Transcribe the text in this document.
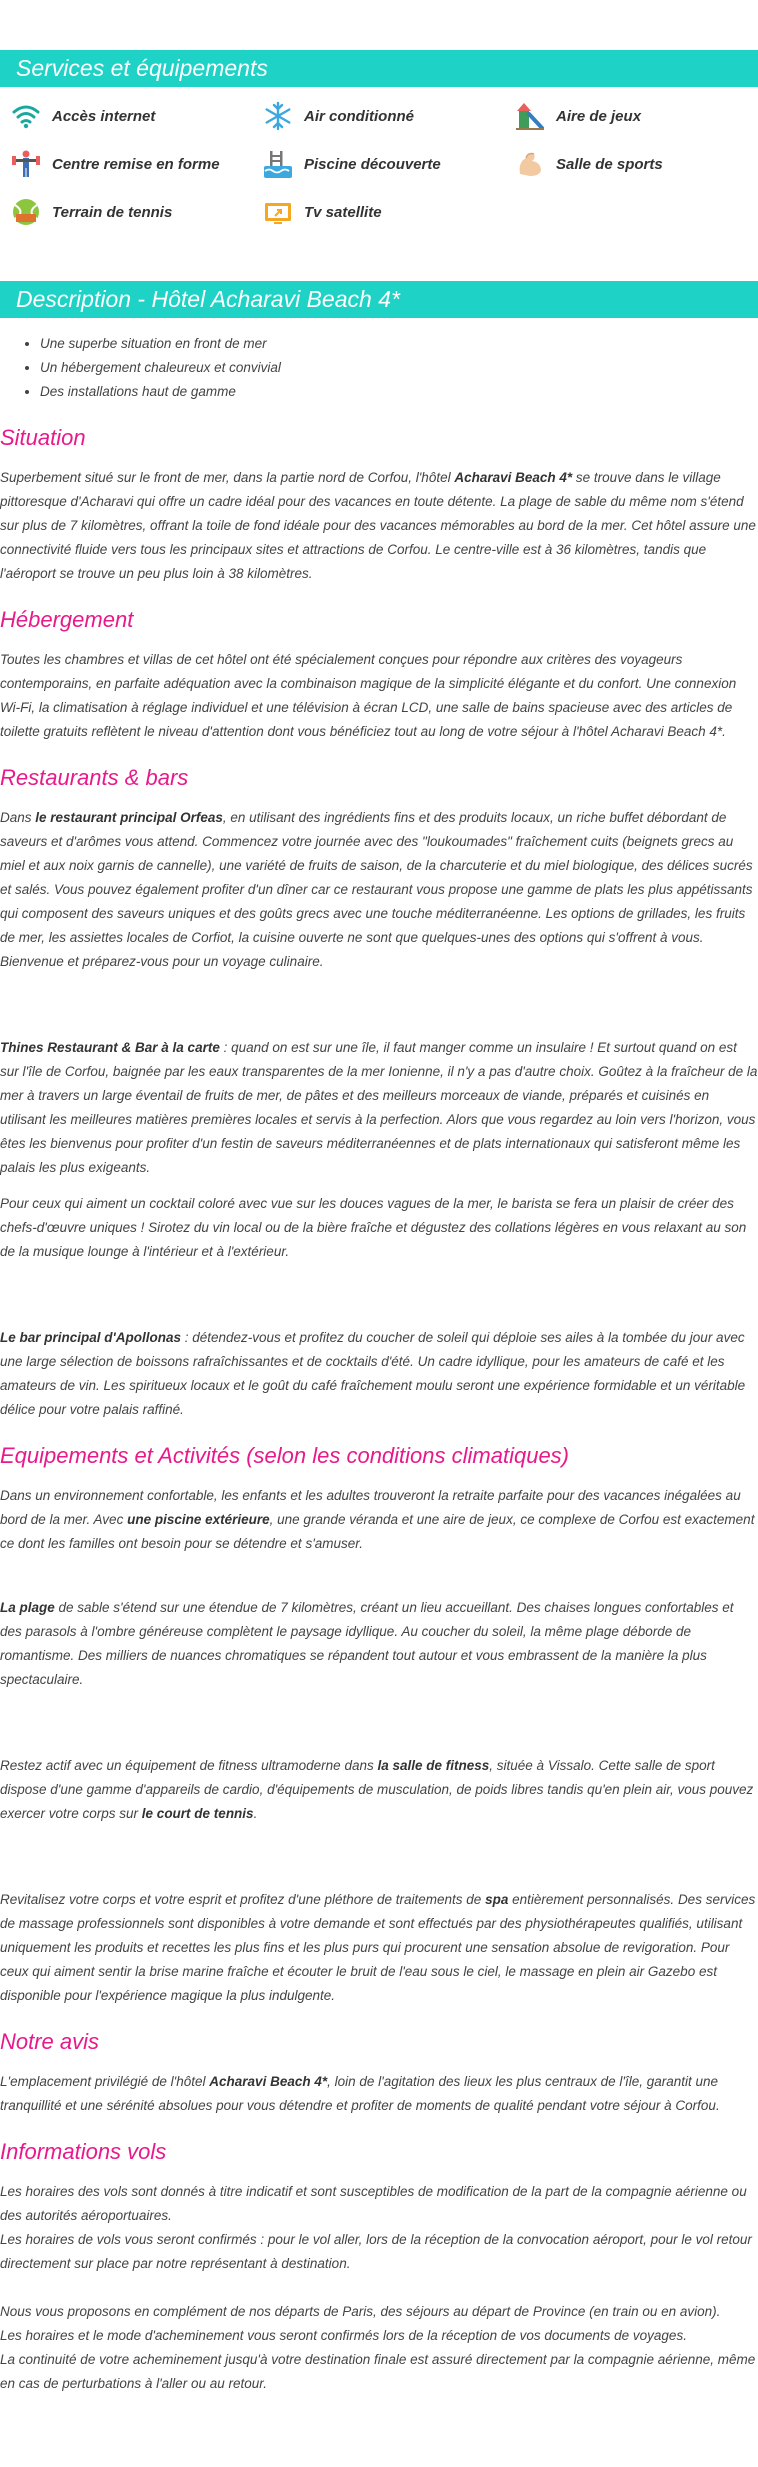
Services et équipements
Accès internet	Air conditionné	Aire de jeux
Centre remise en forme	Piscine découverte	Salle de sports
Terrain de tennis	Tv satellite
Description - Hôtel Acharavi Beach 4*
• Une superbe situation en front de mer
• Un hébergement chaleureux et convivial
• Des installations haut de gamme
Situation

Superbement situé sur le front de mer, dans la partie nord de Corfou, l'hôtel Acharavi Beach 4* se trouve dans le village pittoresque d'Acharavi qui offre un cadre idéal pour des vacances en toute détente. La plage de sable du même nom s'étend sur plus de 7 kilomètres, offrant la toile de fond idéale pour des vacances mémorables au bord de la mer. Cet hôtel assure une connectivité fluide vers tous les principaux sites et attractions de Corfou. Le centre-ville est à 36 kilomètres, tandis que l'aéroport se trouve un peu plus loin à 38 kilomètres.

Hébergement

Toutes les chambres et villas de cet hôtel ont été spécialement conçues pour répondre aux critères des voyageurs contemporains, en parfaite adéquation avec la combinaison magique de la simplicité élégante et du confort. Une connexion Wi-Fi, la climatisation à réglage individuel et une télévision à écran LCD, une salle de bains spacieuse avec des articles de toilette gratuits reflètent le niveau d'attention dont vous bénéficiez tout au long de votre séjour à l'hôtel Acharavi Beach 4*.

Restaurants & bars

Dans le restaurant principal Orfeas, en utilisant des ingrédients fins et des produits locaux, un riche buffet débordant de saveurs et d'arômes vous attend. Commencez votre journée avec des "loukoumades" fraîchement cuits (beignets grecs au miel et aux noix garnis de cannelle), une variété de fruits de saison, de la charcuterie et du miel biologique, des délices sucrés et salés. Vous pouvez également profiter d'un dîner car ce restaurant vous propose une gamme de plats les plus appétissants qui composent des saveurs uniques et des goûts grecs avec une touche méditerranéenne. Les options de grillades, les fruits de mer, les assiettes locales de Corfiot, la cuisine ouverte ne sont que quelques-unes des options qui s'offrent à vous. Bienvenue et préparez-vous pour un voyage culinaire.

Thines Restaurant & Bar à la carte : quand on est sur une île, il faut manger comme un insulaire ! Et surtout quand on est sur l'île de Corfou, baignée par les eaux transparentes de la mer Ionienne, il n'y a pas d'autre choix. Goûtez à la fraîcheur de la mer à travers un large éventail de fruits de mer, de pâtes et des meilleurs morceaux de viande, préparés et cuisinés en utilisant les meilleures matières premières locales et servis à la perfection. Alors que vous regardez au loin vers l'horizon, vous êtes les bienvenus pour profiter d'un festin de saveurs méditerranéennes et de plats internationaux qui satisferont même les palais les plus exigeants.

Pour ceux qui aiment un cocktail coloré avec vue sur les douces vagues de la mer, le barista se fera un plaisir de créer des chefs-d'œuvre uniques ! Sirotez du vin local ou de la bière fraîche et dégustez des collations légères en vous relaxant au son de la musique lounge à l'intérieur et à l'extérieur.

Le bar principal d'Apollonas : détendez-vous et profitez du coucher de soleil qui déploie ses ailes à la tombée du jour avec une large sélection de boissons rafraîchissantes et de cocktails d'été. Un cadre idyllique, pour les amateurs de café et les amateurs de vin. Les spiritueux locaux et le goût du café fraîchement moulu seront une expérience formidable et un véritable délice pour votre palais raffiné.

Equipements et Activités (selon les conditions climatiques)

Dans un environnement confortable, les enfants et les adultes trouveront la retraite parfaite pour des vacances inégalées au bord de la mer. Avec une piscine extérieure, une grande véranda et une aire de jeux, ce complexe de Corfou est exactement ce dont les familles ont besoin pour se détendre et s'amuser.

La plage de sable s'étend sur une étendue de 7 kilomètres, créant un lieu accueillant. Des chaises longues confortables et des parasols à l'ombre généreuse complètent le paysage idyllique. Au coucher du soleil, la même plage déborde de romantisme. Des milliers de nuances chromatiques se répandent tout autour et vous embrassent de la manière la plus spectaculaire.

Restez actif avec un équipement de fitness ultramoderne dans la salle de fitness, située à Vissalo. Cette salle de sport dispose d'une gamme d'appareils de cardio, d'équipements de musculation, de poids libres tandis qu'en plein air, vous pouvez exercer votre corps sur le court de tennis.

Revitalisez votre corps et votre esprit et profitez d'une pléthore de traitements de spa entièrement personnalisés. Des services de massage professionnels sont disponibles à votre demande et sont effectués par des physiothérapeutes qualifiés, utilisant uniquement les produits et recettes les plus fins et les plus purs qui procurent une sensation absolue de revigoration. Pour ceux qui aiment sentir la brise marine fraîche et écouter le bruit de l'eau sous le ciel, le massage en plein air Gazebo est disponible pour l'expérience magique la plus indulgente.

Notre avis

L'emplacement privilégié de l'hôtel Acharavi Beach 4*, loin de l'agitation des lieux les plus centraux de l'île, garantit une tranquillité et une sérénité absolues pour vous détendre et profiter de moments de qualité pendant votre séjour à Corfou.

Informations vols

Les horaires des vols sont donnés à titre indicatif et sont susceptibles de modification de la part de la compagnie aérienne ou des autorités aéroportuaires.
Les horaires de vols vous seront confirmés : pour le vol aller, lors de la réception de la convocation aéroport, pour le vol retour directement sur place par notre représentant à destination.

Nous vous proposons en complément de nos départs de Paris, des séjours au départ de Province (en train ou en avion).
Les horaires et le mode d'acheminement vous seront confirmés lors de la réception de vos documents de voyages.
La continuité de votre acheminement jusqu'à votre destination finale est assuré directement par la compagnie aérienne, même en cas de perturbations à l'aller ou au retour.
